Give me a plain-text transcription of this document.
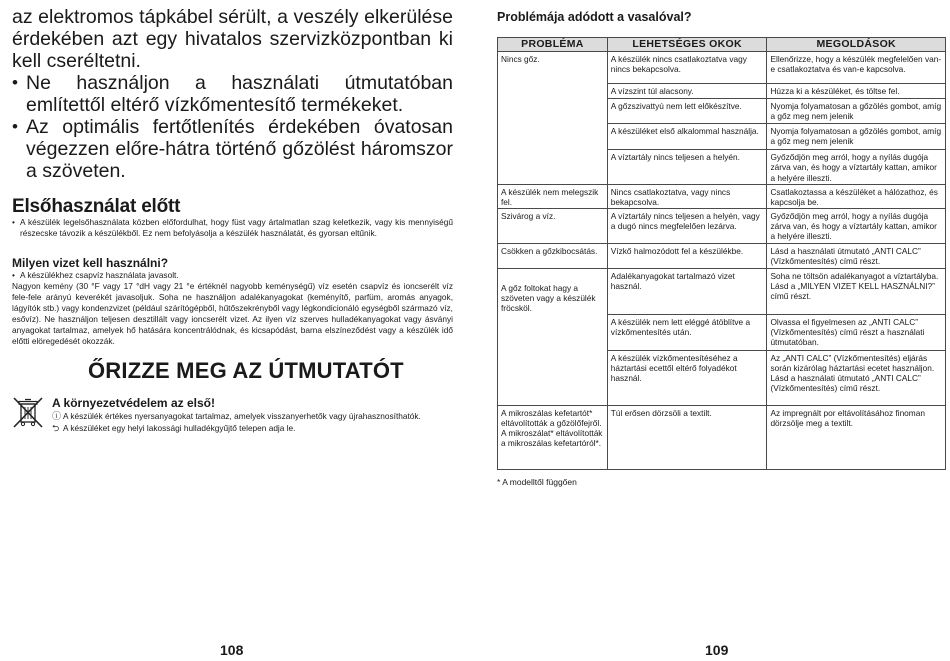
az elektromos tápkábel sérült, a veszély elkerülése érdekében azt egy hivatalos szervizközpontban ki kell cseréltetni.

• Ne használjon a használati útmutatóban említettől eltérő vízkőmentesítő termékeket.
• Az optimális fertőtlenítés érdekében óvatosan végezzen előre-hátra történő gőzölést háromszor a szöveten.
Elsőhasználat előtt
• A készülék legelsőhasználata közben előfordulhat, hogy füst vagy ártalmatlan szag keletkezik, vagy kis mennyiségű részecske távozik a készülékből. Ez nem befolyásolja a készülék használatát, és gyorsan eltűnik.
Milyen vizet kell használni?
• A készülékhez csapvíz használata javasolt.

Nagyon kemény (30 °F vagy 17 °dH vagy 21 °e értéknél nagyobb keménységű) víz esetén csapvíz és ioncserélt víz fele-fele arányú keverékét javasoljuk. Soha ne használjon adalékanyagokat (keményítő, parfüm, aromás anyagok, lágyítók stb.) vagy kondenzvizet (például szárítógépből, hűtőszekrényből vagy légkondicionáló egységből származó víz, esővíz). Ne használjon teljesen desztillált vagy ioncserélt vizet. Az ilyen víz szerves hulladékanyagokat vagy ásványi anyagokat tartalmaz, amelyek hő hatására koncentrálódnak, és kicsapódást, barna elszíneződést vagy a készülék idő előtti elöregedését okozzák.

ŐRIZZE MEG AZ ÚTMUTATÓT
A környezetvédelem az első!
ⓘ A készülék értékes nyersanyagokat tartalmaz, amelyek visszanyerhetők vagy újrahasznosíthatók.
⮌ A készüléket egy helyi lakossági hulladékgyűjtő telepen adja le.
108
Problémája adódott a vasalóval?
PROBLÉMA	LEHETSÉGES OKOK	MEGOLDÁSOK
Nincs gőz.	A készülék nincs csatlakoztatva vagy nincs bekapcsolva.	Ellenőrizze, hogy a készülék megfelelően van-e csatlakoztatva és van-e kapcsolva.
	A vízszint túl alacsony.	Húzza ki a készüléket, és töltse fel.
	A gőzszivattyú nem lett előkészítve.	Nyomja folyamatosan a gőzölés gombot, amíg a gőz meg nem jelenik
	A készüléket első alkalommal használja.	Nyomja folyamatosan a gőzölés gombot, amíg a gőz meg nem jelenik
	A víztartály nincs teljesen a helyén.	Győződjön meg arról, hogy a nyílás dugója zárva van, és hogy a víztartály kattan, amikor a helyére illeszti.
A készülék nem melegszik fel.	Nincs csatlakoztatva, vagy nincs bekapcsolva.	Csatlakoztassa a készüléket a hálózathoz, és kapcsolja be.
Szivárog a víz.	A víztartály nincs teljesen a helyén, vagy a dugó nincs megfelelően lezárva.	Győződjön meg arról, hogy a nyílás dugója zárva van, és hogy a víztartály kattan, amikor a helyére illeszti.
Csökken a gőzkibocsátás.	Vízkő halmozódott fel a készülékbe.	Lásd a használati útmutató „ANTI CALC” (Vízkőmentesítés) című részt.
A gőz foltokat hagy a szöveten vagy a készülék fröcsköl.	Adalékanyagokat tartalmazó vizet használ.	Soha ne töltsön adalékanyagot a víztartályba. Lásd a „MILYEN VIZET KELL HASZNÁLNI?” című részt.
	A készülék nem lett eléggé átöblítve a vízkőmentesítés után.	Olvassa el figyelmesen az „ANTI CALC” (Vízkőmentesítés) című részt a használati útmutatóban.
	A készülék vízkőmentesítéséhez a háztartási ecettől eltérő folyadékot használ.	Az „ANTI CALC” (Vízkőmentesítés) eljárás során kizárólag háztartási ecetet használjon. Lásd a használati útmutató „ANTI CALC” (Vízkőmentesítés) című részt.
A mikroszálas kefetartót* eltávolították a gőzölőfejről. A mikroszálat* eltávolították a mikroszálas kefetartóról*.	Túl erősen dörzsöli a textilt.	Az impregnált por eltávolításához finoman dörzsölje meg a textilt.
* A modelltől függően
109
